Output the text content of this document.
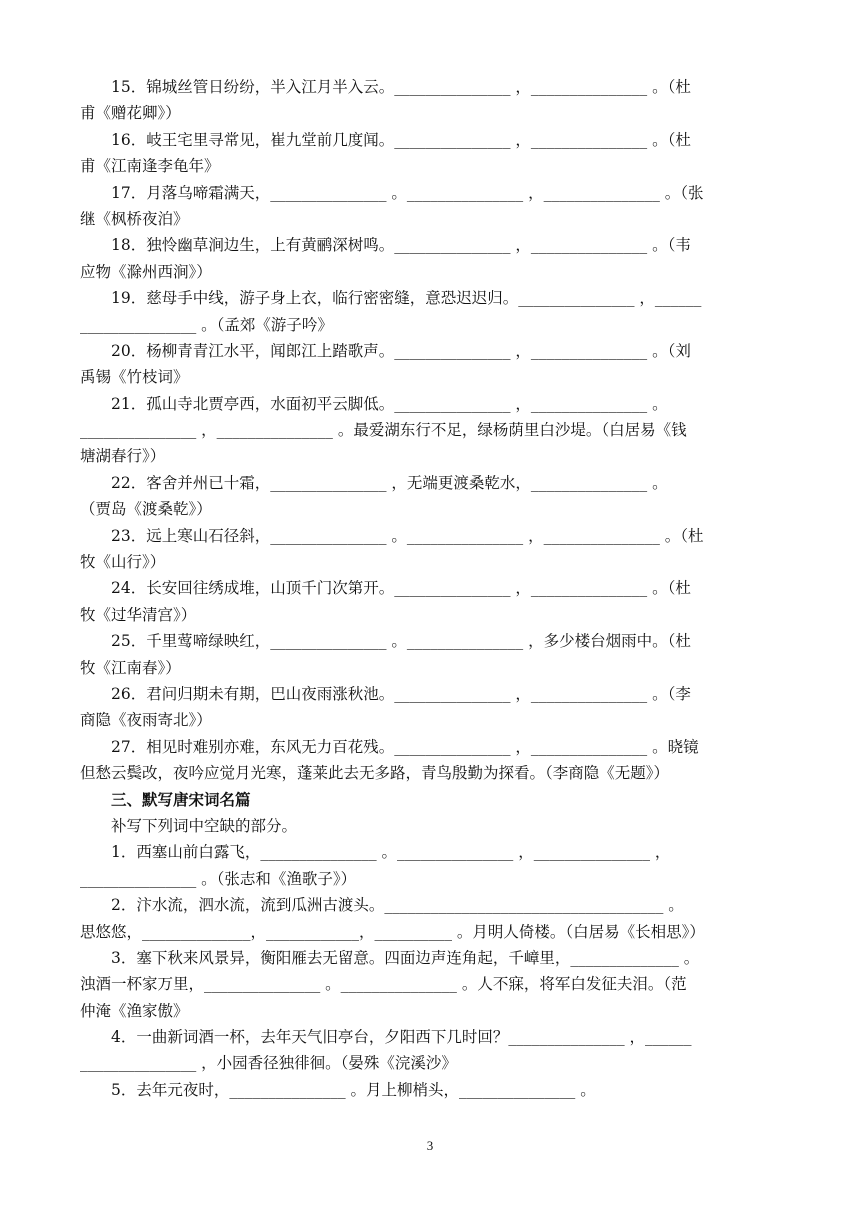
15．锦城丝管日纷纷，半入江月半入云。_______________ ，_______________ 。（杜
甫《赠花卿》）
16．岐王宅里寻常见，崔九堂前几度闻。_______________ ，_______________ 。（杜
甫《江南逢李龟年》
17．月落乌啼霜满天，_______________ 。_______________ ，_______________ 。（张
继《枫桥夜泊》
18．独怜幽草涧边生，上有黄鹂深树鸣。_______________ ，_______________ 。（韦
应物《滁州西涧》）
19．慈母手中线，游子身上衣，临行密密缝，意恐迟迟归。_______________ ，______
_______________ 。（孟郊《游子吟》
20．杨柳青青江水平，闻郎江上踏歌声。_______________ ，_______________ 。（刘
禹锡《竹枝词》
21．孤山寺北贾亭西，水面初平云脚低。_______________ ，_______________ 。
_______________ ，_______________ 。最爱湖东行不足，绿杨荫里白沙堤。（白居易《钱
塘湖春行》）
22．客舍并州已十霜，_______________ ，无端更渡桑乾水，_______________ 。
（贾岛《渡桑乾》）
23．远上寒山石径斜，_______________ 。_______________ ，_______________ 。（杜
牧《山行》）
24．长安回往绣成堆，山顶千门次第开。_______________ ，_______________ 。（杜
牧《过华清宫》）
25．千里莺啼绿映红，_______________ 。_______________ ，多少楼台烟雨中。（杜
牧《江南春》）
26．君问归期未有期，巴山夜雨涨秋池。_______________ ，_______________ 。（李
商隐《夜雨寄北》）
27．相见时难别亦难，东风无力百花残。_______________ ，_______________ 。晓镜
但愁云鬓改，夜吟应觉月光寒，蓬莱此去无多路，青鸟殷勤为探看。（李商隐《无题》）
三、默写唐宋词名篇
补写下列词中空缺的部分。
1．西塞山前白露飞，_______________ 。_______________ ，_______________ ，
_______________ 。（张志和《渔歌子》）
2．汴水流，泗水流，流到瓜洲古渡头。____________________________________ 。
思悠悠，______________，____________，__________ 。月明人倚楼。（白居易《长相思》）
3．塞下秋来风景异，衡阳雁去无留意。四面边声连角起，千嶂里，______________ 。
浊酒一杯家万里，_______________ 。_______________ 。人不寐，将军白发征夫泪。（范
仲淹《渔家傲》
4．一曲新词酒一杯，去年天气旧亭台，夕阳西下几时回？_______________ ，______
_______________ ，小园香径独徘徊。（晏殊《浣溪沙》
5．去年元夜时，_______________ 。月上柳梢头，_______________ 。
3
